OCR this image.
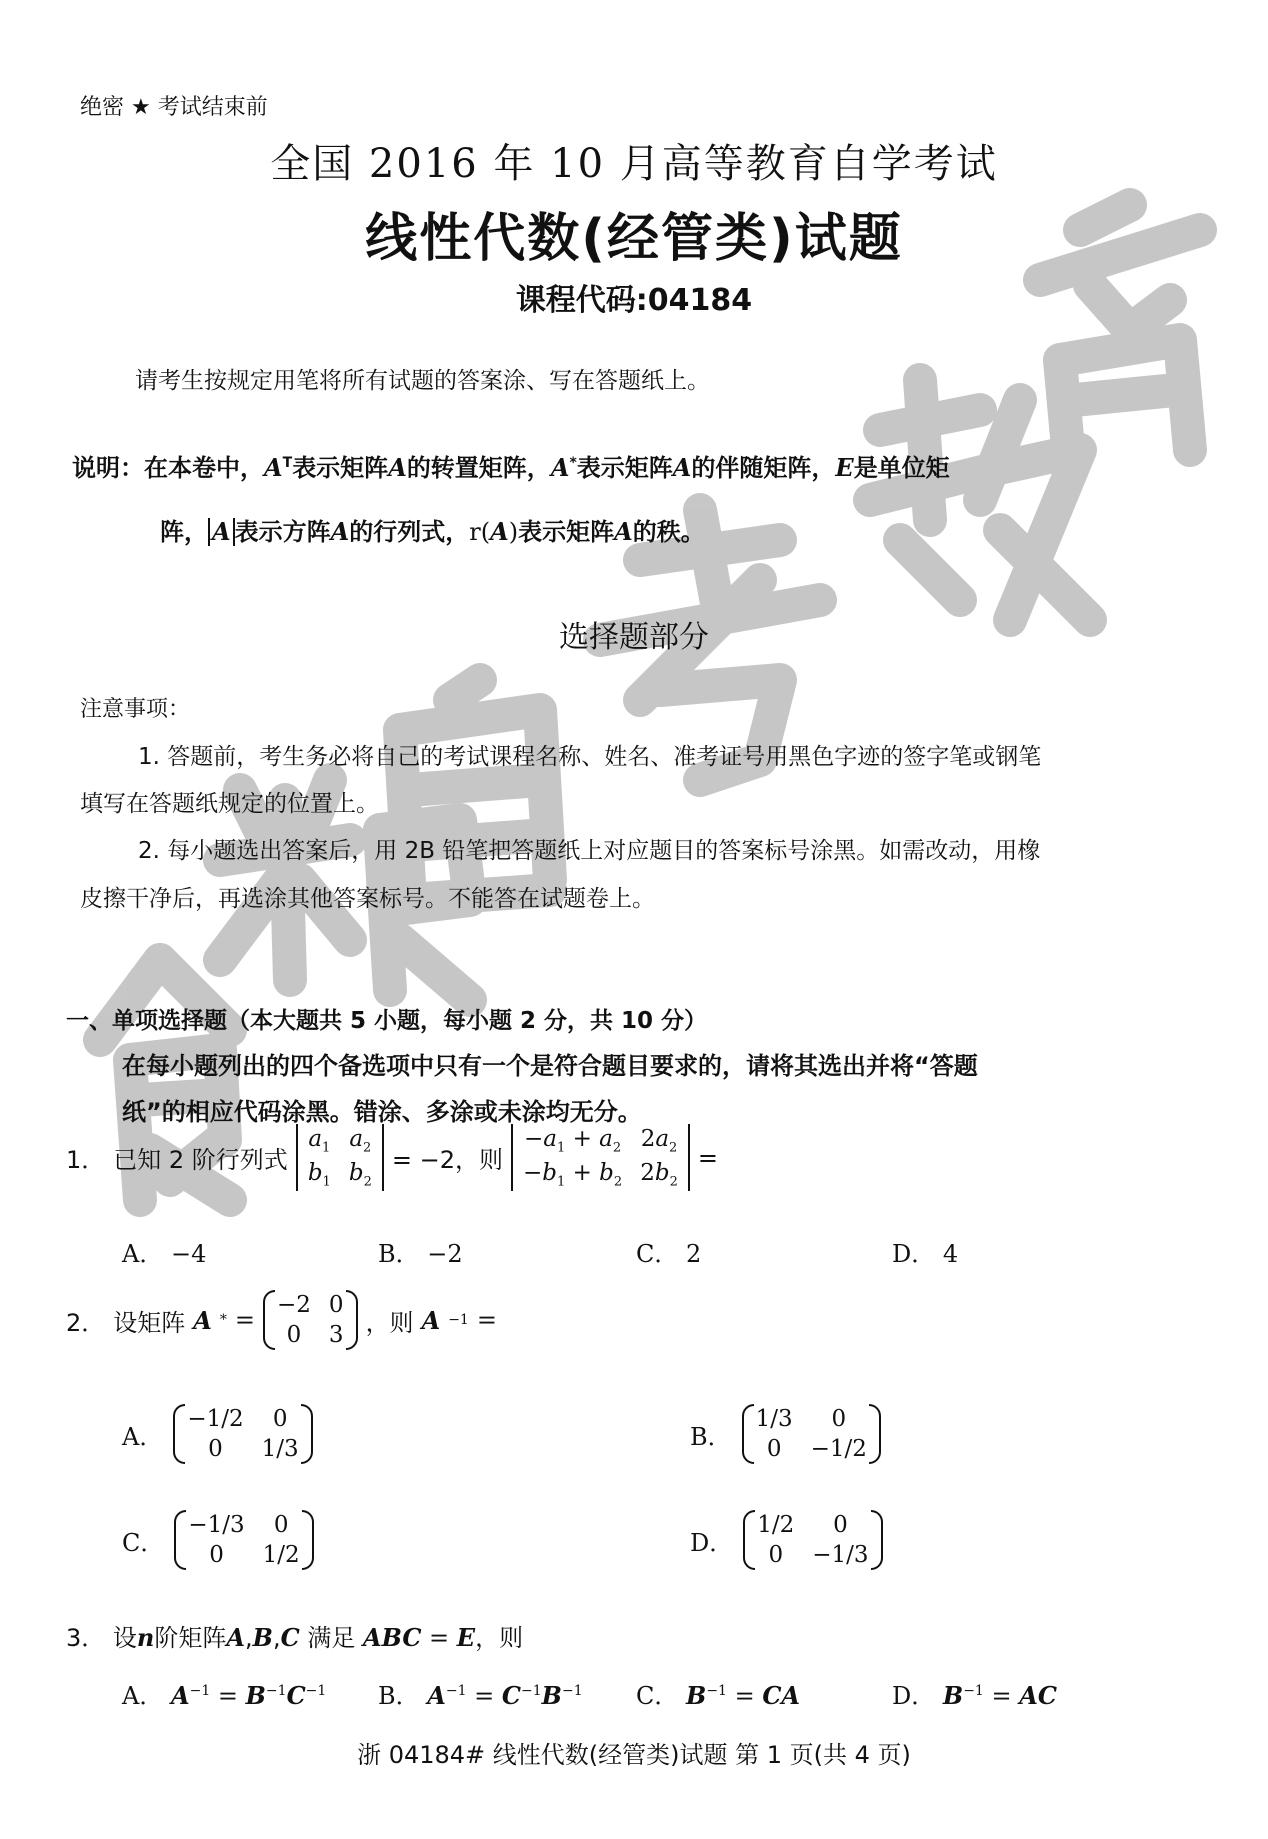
绝密 ★ 考试结束前
全国 2016 年 10 月高等教育自学考试
线性代数(经管类)试题
课程代码:04184
请考生按规定用笔将所有试题的答案涂、写在答题纸上。
说明：在本卷中，$A^T$表示矩阵A的转置矩阵，A*表示矩阵A的伴随矩阵，E是单位矩
阵， A 表示方阵A的行列式，r(A)表示矩阵A的秩。
选择题部分
注意事项：
1. 答题前，考生务必将自己的考试课程名称、姓名、准考证号用黑色字迹的签字笔或钢笔
填写在答题纸规定的位置上。
2. 每小题选出答案后，用 2B 铅笔把答题纸上对应题目的答案标号涂黑。如需改动，用橡
皮擦干净后，再选涂其他答案标号。不能答在试题卷上。
一、单项选择题（本大题共 5 小题，每小题 2 分，共 10 分）
在每小题列出的四个备选项中只有一个是符合题目要求的，请将其选出并将“答题
纸”的相应代码涂黑。错涂、多涂或未涂均无分。
1． 已知 2 阶行列式
$a_1$ $a_2$
$b_1$ $b_2$
= −2，则
$-a_1 + a_2$ $2a_2$
$-b_1 + b_2$ $2b_2$
=
A． −4	B． −2	C． 2	D． 4
2． 设矩阵 A * =
−2 0
0	3 ，则 A −1 =
A．
−1/2	0
0	1/3	B．
1/3	0
0	−1/2
C．
−1/3	0
0	1/2	D．
1/2	0
0	−1/3
3． 设n阶矩阵A,B,C 满足 ABC = E，则
A． $A^{-1} = B^{-1}C^{-1}$ B． $A^{-1} = C^{-1}B^{-1}$ C． $B^{-1}$ = CA	D． $B^{-1}$ = AC
浙 04184# 线性代数(经管类)试题 第 1 页(共 4 页)
